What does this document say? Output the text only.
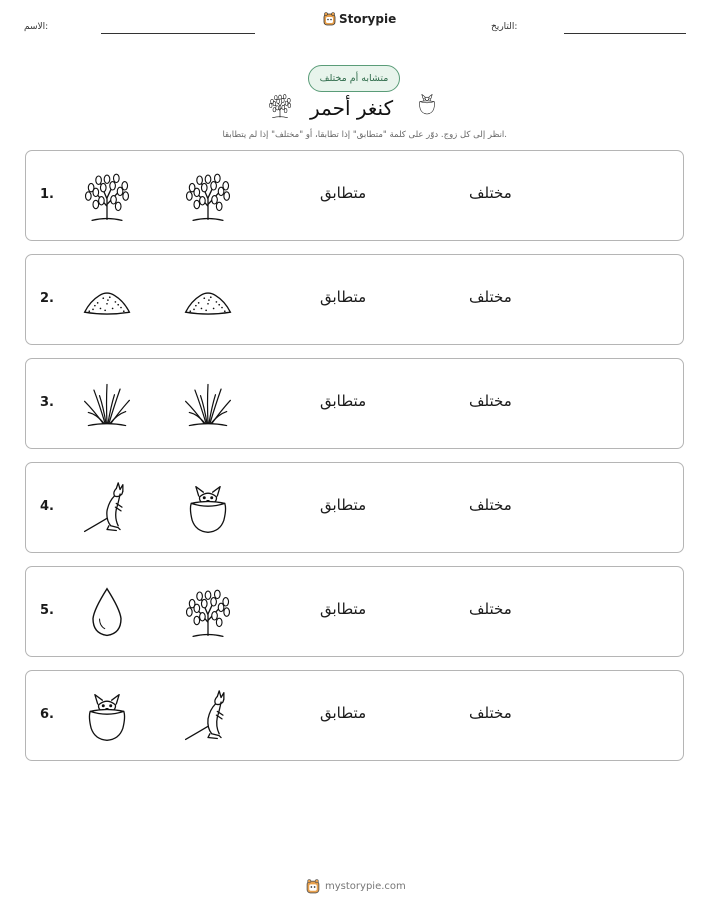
الاسم:
Storypie
التاريخ:
متشابه أم مختلف
كنغر أحمر
انظر إلى كل زوج. دوّر على كلمة "متطابق" إذا تطابقا، أو "مختلف" إذا لم يتطابقا.
1.	متطابق	مختلف
2.	متطابق	مختلف
3.	متطابق	مختلف
4.	متطابق	مختلف
5.	متطابق	مختلف
6.	متطابق	مختلف
mystorypie.com
